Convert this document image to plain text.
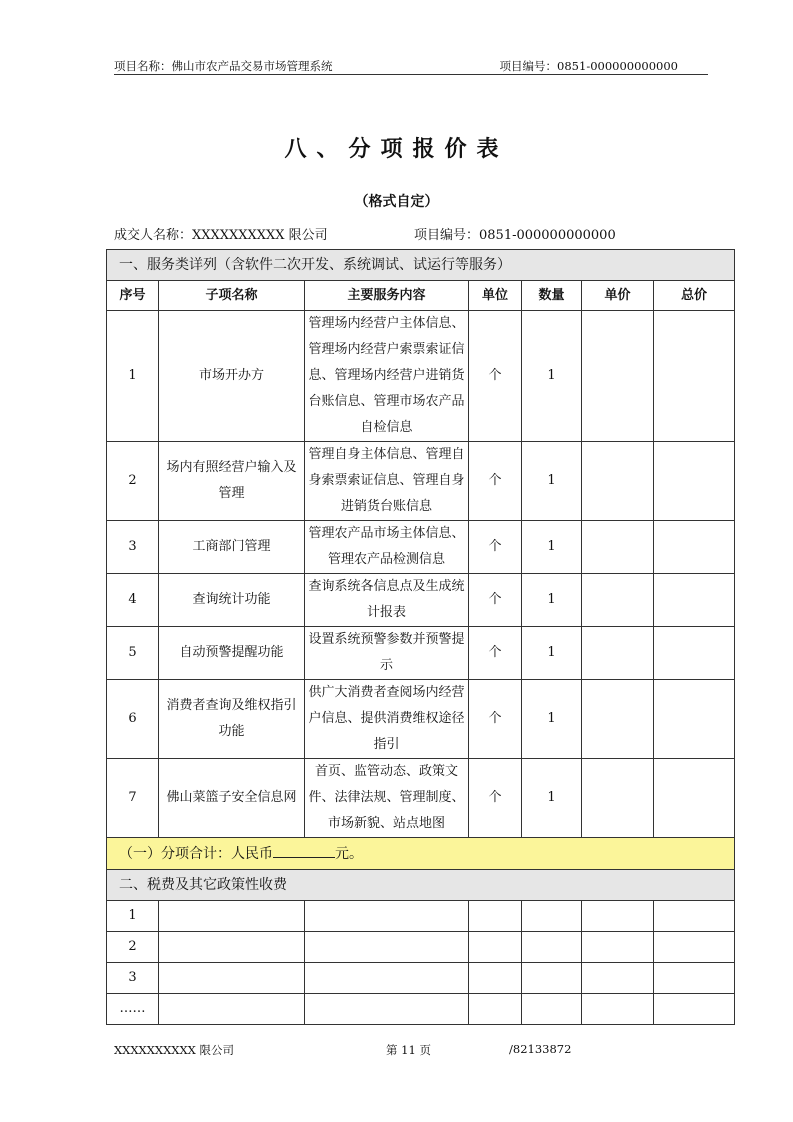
项目名称：佛山市农产品交易市场管理系统	项目编号：0851-000000000000
八、分项报价表
（格式自定）
成交人名称：XXXXXXXXXX 限公司	项目编号：0851-000000000000
一、服务类详列（含软件二次开发、系统调试、试运行等服务）						
序号	子项名称	主要服务内容	单位	数量	单价	总价
1	市场开办方	管理场内经营户主体信息、管理场内经营户索票索证信息、管理场内经营户进销货台账信息、管理市场农产品自检信息	个	1		
2	场内有照经营户输入及管理	管理自身主体信息、管理自身索票索证信息、管理自身进销货台账信息	个	1		
3	工商部门管理	管理农产品市场主体信息、管理农产品检测信息	个	1		
4	查询统计功能	查询系统各信息点及生成统计报表	个	1		
5	自动预警提醒功能	设置系统预警参数并预警提示	个	1		
6	消费者查询及维权指引功能	供广大消费者查阅场内经营户信息、提供消费维权途径指引	个	1		
7	佛山菜篮子安全信息网	首页、监管动态、政策文件、法律法规、管理制度、市场新貌、站点地图	个	1		
（一）分项合计：人民币 元。						
二、税费及其它政策性收费						
1						
2						
3						
……						
XXXXXXXXXX 限公司	第 11 页	/82133872
